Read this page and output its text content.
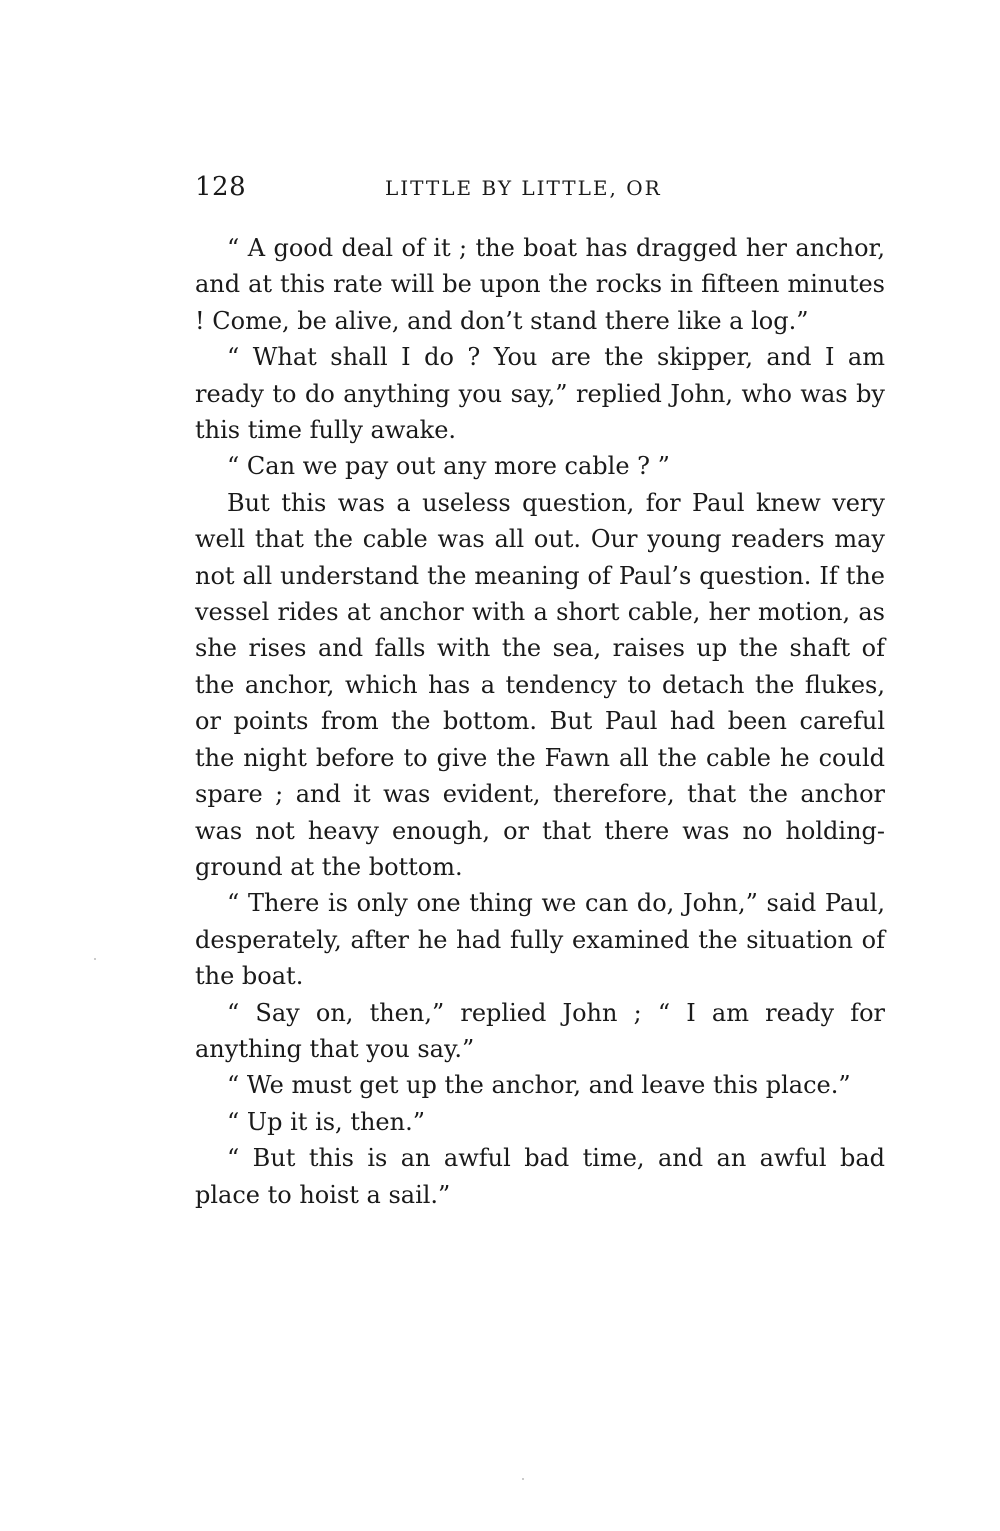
128	LITTLE BY LITTLE, OR

“ A good deal of it ; the boat has dragged her anchor, and at this rate will be upon the rocks in fifteen minutes ! Come, be alive, and don’t stand there like a log.”

“ What shall I do ? You are the skipper, and I am ready to do anything you say,” replied John, who was by this time fully awake.

“ Can we pay out any more cable ? ”

But this was a useless question, for Paul knew very well that the cable was all out. Our young readers may not all understand the meaning of Paul’s question. If the vessel rides at anchor with a short cable, her motion, as she rises and falls with the sea, raises up the shaft of the anchor, which has a tendency to detach the flukes, or points from the bottom. But Paul had been careful the night before to give the Fawn all the cable he could spare ; and it was evident, therefore, that the anchor was not heavy enough, or that there was no holding-ground at the bottom.

“ There is only one thing we can do, John,” said Paul, desperately, after he had fully examined the situation of the boat.

“ Say on, then,” replied John ; “ I am ready for anything that you say.”

“ We must get up the anchor, and leave this place.”

“ Up it is, then.”

“ But this is an awful bad time, and an awful bad place to hoist a sail.”
